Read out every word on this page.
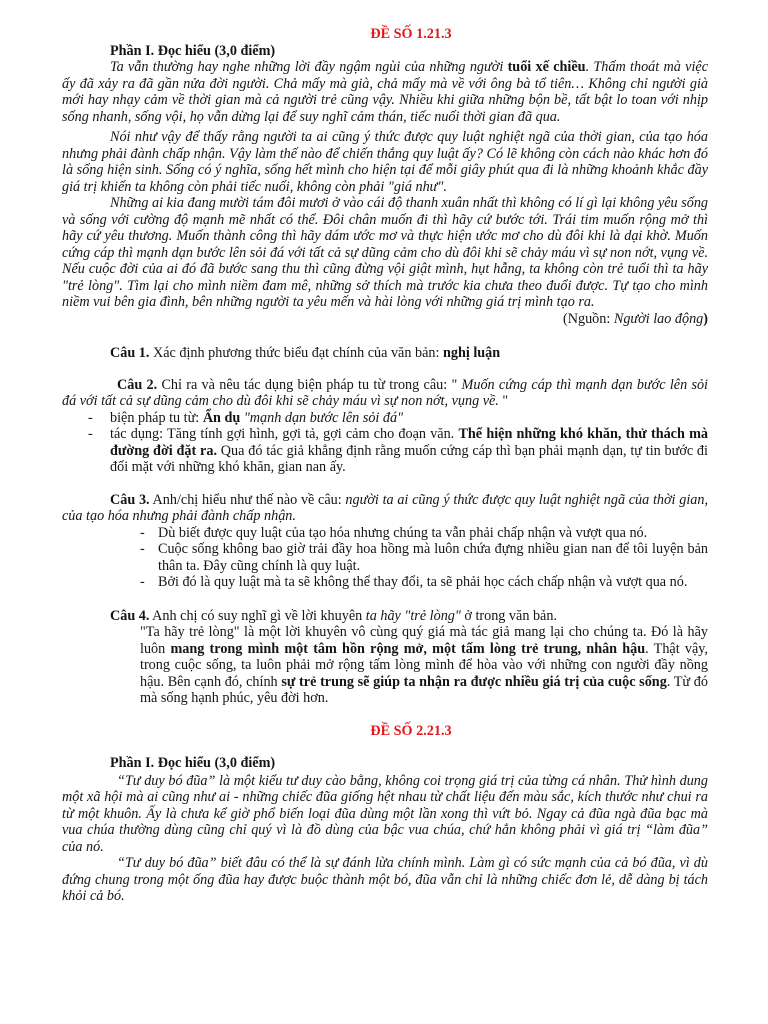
ĐỀ SỐ 1.21.3

Phần I. Đọc hiểu (3,0 điểm)

Ta vẫn thường hay nghe những lời đầy ngậm ngùi của những người tuổi xế chiều. Thấm thoát mà việc ấy đã xảy ra đã gần nửa đời người. Chả mấy mà già, chả mấy mà về với ông bà tổ tiên… Không chỉ người già mới hay nhạy cảm về thời gian mà cả người trẻ cũng vậy. Nhiều khi giữa những bộn bề, tất bật lo toan với nhịp sống nhanh, sống vội, họ vẫn dừng lại để suy nghĩ cảm thán, tiếc nuối thời gian đã qua.

Nói như vậy để thấy rằng người ta ai cũng ý thức được quy luật nghiệt ngã của thời gian, của tạo hóa nhưng phải đành chấp nhận. Vậy làm thế nào để chiến thắng quy luật ấy? Có lẽ không còn cách nào khác hơn đó là sống hiện sinh. Sống có ý nghĩa, sống hết mình cho hiện tại để mỗi giây phút qua đi là những khoảnh khắc đầy giá trị khiến ta không còn phải tiếc nuối, không còn phải "giá như".

Những ai kia đang mười tám đôi mươi ở vào cái độ thanh xuân nhất thì không có lí gì lại không yêu sống và sống với cường độ mạnh mẽ nhất có thể. Đôi chân muốn đi thì hãy cứ bước tới. Trái tim muốn rộng mở thì hãy cứ yêu thương. Muốn thành công thì hãy dám ước mơ và thực hiện ước mơ cho dù đôi khi là dại khờ. Muốn cứng cáp thì mạnh dạn bước lên sỏi đá với tất cả sự dũng cảm cho dù đôi khi sẽ chảy máu vì sự non nớt, vụng về. Nếu cuộc đời của ai đó đã bước sang thu thì cũng đừng vội giật mình, hụt hẫng, ta không còn trẻ tuổi thì ta hãy "trẻ lòng". Tìm lại cho mình niềm đam mê, những sở thích mà trước kia chưa theo đuổi được. Tự tạo cho mình niềm vui bên gia đình, bên những người ta yêu mến và hài lòng với những giá trị mình tạo ra.

(Nguồn: Người lao động)

Câu 1. Xác định phương thức biểu đạt chính của văn bản: nghị luận

Câu 2. Chỉ ra và nêu tác dụng biện pháp tu từ trong câu: " Muốn cứng cáp thì mạnh dạn bước lên sỏi đá với tất cả sự dũng cảm cho dù đôi khi sẽ chảy máu vì sự non nớt, vụng về. "

-	biện pháp tu từ: Ẩn dụ "mạnh dạn bước lên sỏi đá"
-	tác dụng: Tăng tính gợi hình, gợi tả, gợi cảm cho đoạn văn. Thể hiện những khó khăn, thử thách mà đường đời đặt ra. Qua đó tác giả khẳng định rằng muốn cứng cáp thì bạn phải mạnh dạn, tự tin bước đi đối mặt với những khó khăn, gian nan ấy.

Câu 3. Anh/chị hiểu như thế nào về câu: người ta ai cũng ý thức được quy luật nghiệt ngã của thời gian, của tạo hóa nhưng phải đành chấp nhận.

- Dù biết được quy luật của tạo hóa nhưng chúng ta vẫn phải chấp nhận và vượt qua nó.
- Cuộc sống không bao giờ trải đầy hoa hồng mà luôn chứa đựng nhiều gian nan để tôi luyện bản thân ta. Đây cũng chính là quy luật.
- Bởi đó là quy luật mà ta sẽ không thể thay đổi, ta sẽ phải học cách chấp nhận và vượt qua nó.

Câu 4. Anh chị có suy nghĩ gì về lời khuyên ta hãy "trẻ lòng" ở trong văn bản.

"Ta hãy trẻ lòng" là một lời khuyên vô cùng quý giá mà tác giả mang lại cho chúng ta. Đó là hãy luôn mang trong mình một tâm hồn rộng mở, một tấm lòng trẻ trung, nhân hậu. Thật vậy, trong cuộc sống, ta luôn phải mở rộng tấm lòng mình để hòa vào với những con người đầy nồng hậu. Bên cạnh đó, chính sự trẻ trung sẽ giúp ta nhận ra được nhiều giá trị của cuộc sống. Từ đó mà sống hạnh phúc, yêu đời hơn.

ĐỀ SỐ 2.21.3

Phần I. Đọc hiểu (3,0 điểm)

“Tư duy bó đũa” là một kiểu tư duy cào bằng, không coi trọng giá trị của từng cá nhân. Thử hình dung một xã hội mà ai cũng như ai - những chiếc đũa giống hệt nhau từ chất liệu đến màu sắc, kích thước như chui ra từ một khuôn. Ấy là chưa kể giờ phổ biến loại đũa dùng một lần xong thì vứt bỏ. Ngay cả đũa ngà đũa bạc mà vua chúa thường dùng cũng chỉ quý vì là đồ dùng của bậc vua chúa, chứ hẳn không phải vì giá trị “làm đũa” của nó.

“Tư duy bó đũa” biết đâu có thể là sự đánh lừa chính mình. Làm gì có sức mạnh của cả bó đũa, vì dù đứng chung trong một ống đũa hay được buộc thành một bó, đũa vẫn chỉ là những chiếc đơn lẻ, dễ dàng bị tách khỏi cả bó.
